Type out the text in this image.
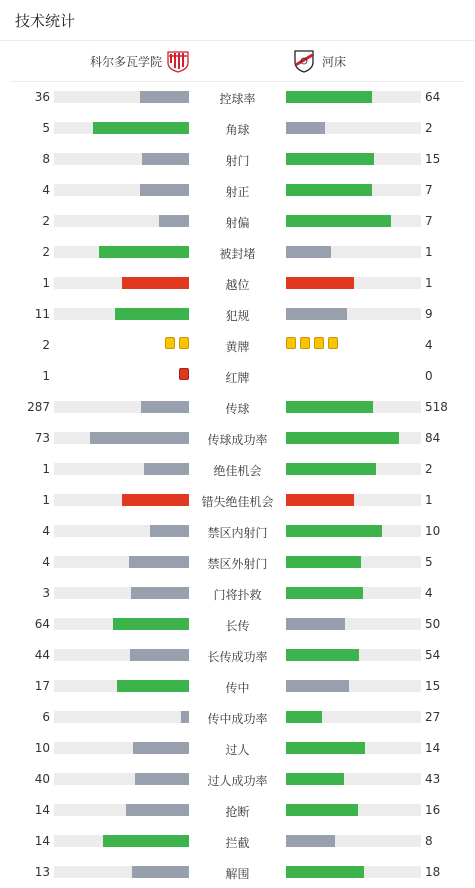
技术统计
科尔多瓦学院	河床
36	控球率	64
5	角球	2
8	射门	15
4	射正	7
2	射偏	7
2	被封堵	1
1	越位	1
11	犯规	9
2	黄牌	4
1	红牌	0
287	传球	518
73	传球成功率	84
1	绝佳机会	2
1	错失绝佳机会	1
4	禁区内射门	10
4	禁区外射门	5
3	门将扑救	4
64	长传	50
44	长传成功率	54
17	传中	15
6	传中成功率	27
10	过人	14
40	过人成功率	43
14	抢断	16
14	拦截	8
13	解围	18
